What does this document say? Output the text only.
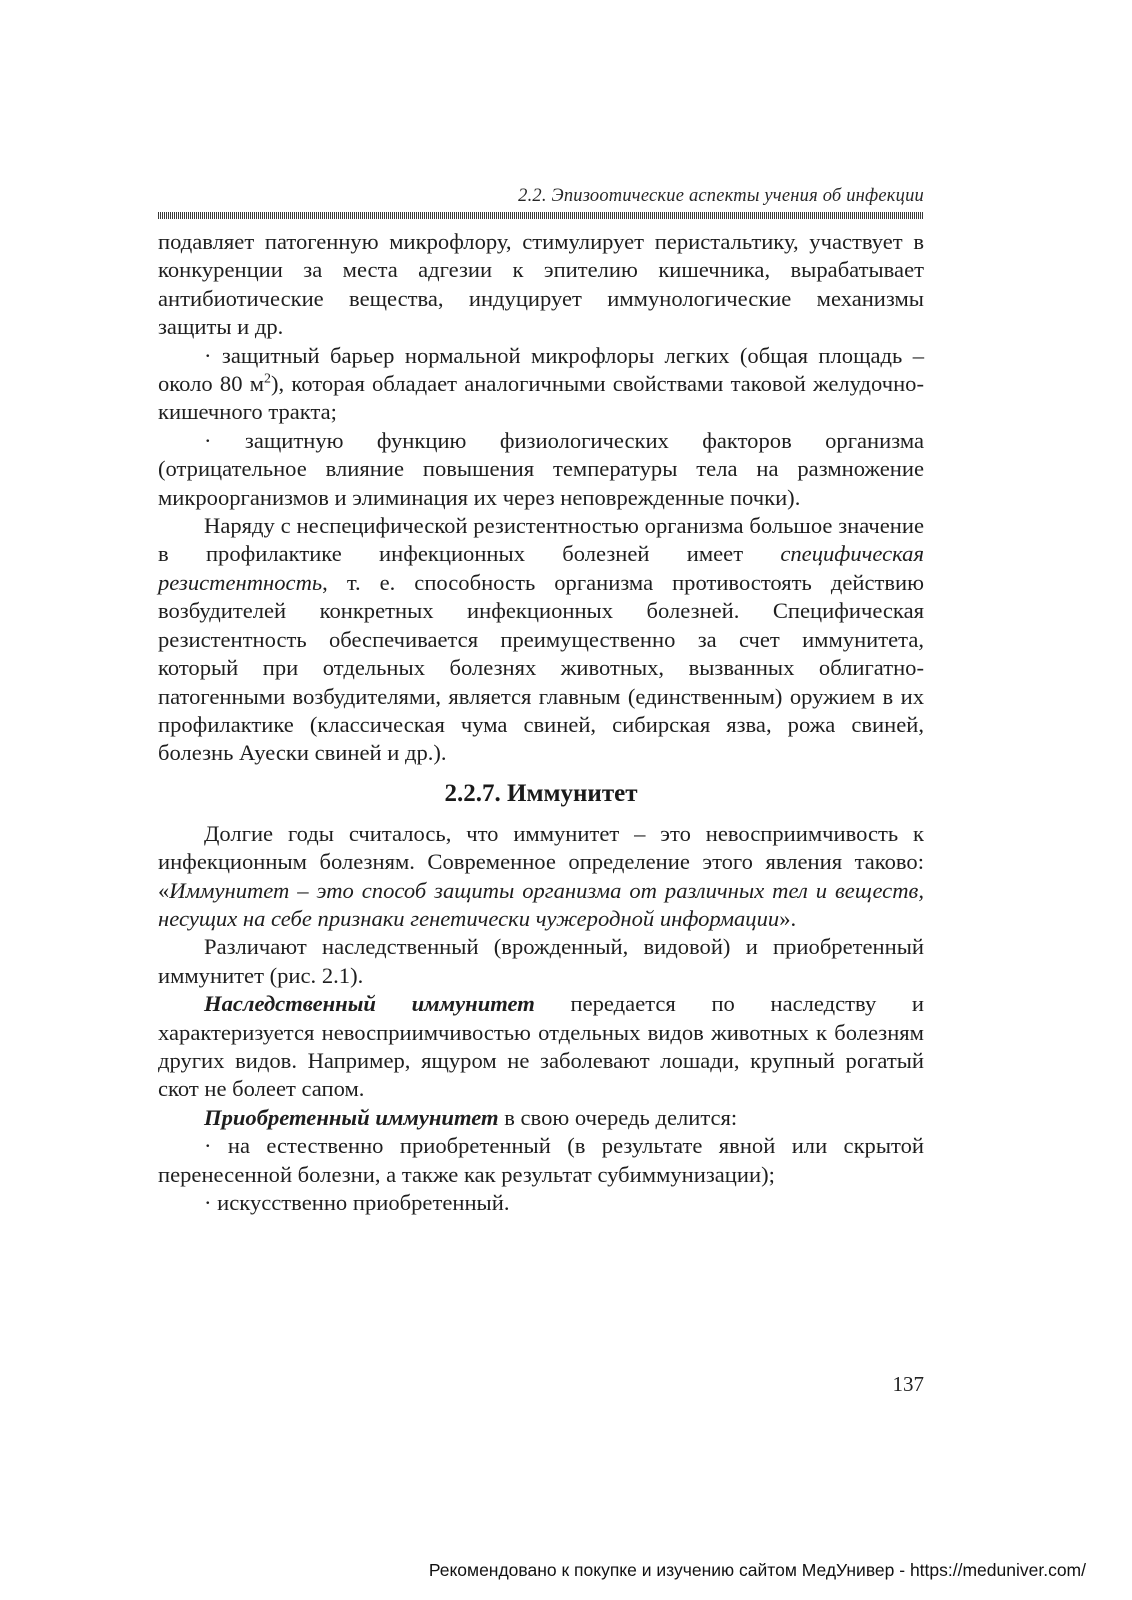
2.2. Эпизоотические аспекты учения об инфекции

подавляет патогенную микрофлору, стимулирует перистальтику, участвует в конкуренции за места адгезии к эпителию кишечника, вырабатывает антибиотические вещества, индуцирует иммунологические механизмы защиты и др.

· защитный барьер нормальной микрофлоры легких (общая площадь – около 80 $м^2$), которая обладает аналогичными свойствами таковой желудочно-кишечного тракта;

· защитную функцию физиологических факторов организма (отрицательное влияние повышения температуры тела на размножение микроорганизмов и элиминация их через неповрежденные почки).

Наряду с неспецифической резистентностью организма большое значение в профилактике инфекционных болезней имеет специфическая резистентность, т. е. способность организма противостоять действию возбудителей конкретных инфекционных болезней. Специфическая резистентность обеспечивается преимущественно за счет иммунитета, который при отдельных болезнях животных, вызванных облигатно-патогенными возбудителями, является главным (единственным) оружием в их профилактике (классическая чума свиней, сибирская язва, рожа свиней, болезнь Ауески свиней и др.).

2.2.7. Иммунитет

Долгие годы считалось, что иммунитет – это невосприимчивость к инфекционным болезням. Современное определение этого явления таково: «Иммунитет – это способ защиты организма от различных тел и веществ, несущих на себе признаки генетически чужеродной информации».

Различают наследственный (врожденный, видовой) и приобретенный иммунитет (рис. 2.1).

Наследственный иммунитет передается по наследству и характеризуется невосприимчивостью отдельных видов животных к болезням других видов. Например, ящуром не заболевают лошади, крупный рогатый скот не болеет сапом.

Приобретенный иммунитет в свою очередь делится:

· на естественно приобретенный (в результате явной или скрытой перенесенной болезни, а также как результат субиммунизации);

· искусственно приобретенный.

137
Рекомендовано к покупке и изучению сайтом МедУнивер - https://meduniver.com/
